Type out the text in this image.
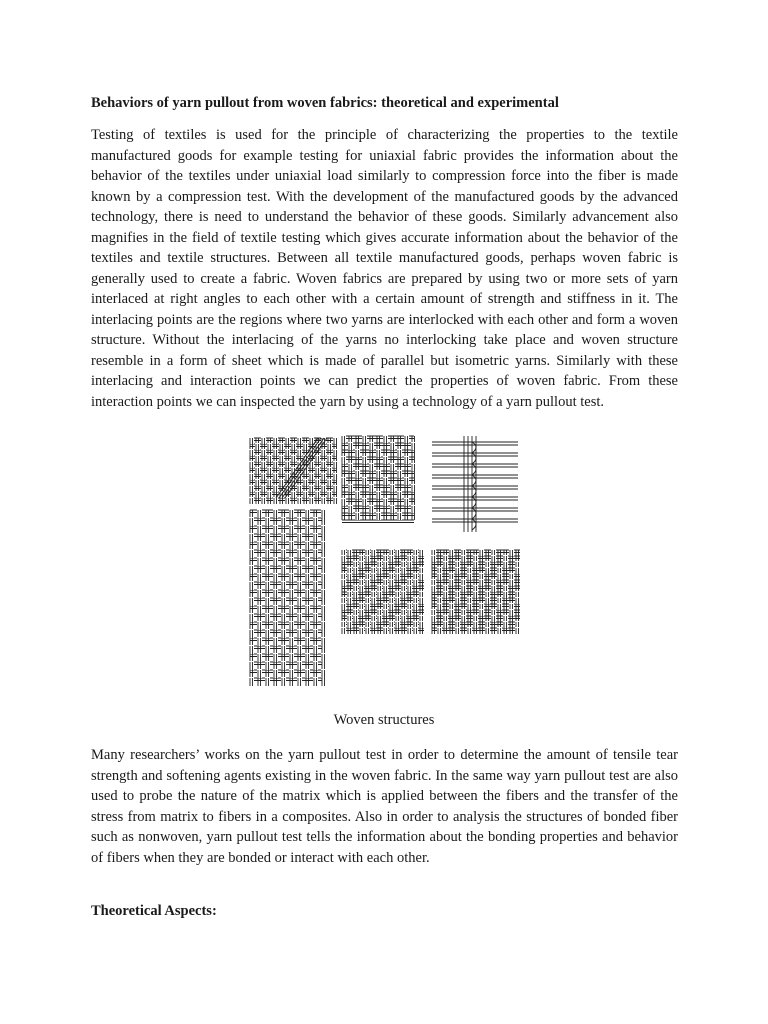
Behaviors of yarn pullout from woven fabrics: theoretical and experimental

Testing of textiles is used for the principle of characterizing the properties to the textile manufactured goods for example testing for uniaxial fabric provides the information about the behavior of the textiles under uniaxial load similarly to compression force into the fiber is made known by a compression test. With the development of the manufactured goods by the advanced technology, there is need to understand the behavior of these goods. Similarly advancement also magnifies in the field of textile testing which gives accurate information about the behavior of the textiles and textile structures. Between all textile manufactured goods, perhaps woven fabric is generally used to create a fabric. Woven fabrics are prepared by using two or more sets of yarn interlaced at right angles to each other with a certain amount of strength and stiffness in it. The interlacing points are the regions where two yarns are interlocked with each other and form a woven structure. Without the interlacing of the yarns no interlocking take place and woven structure resemble in a form of sheet which is made of parallel but isometric yarns. Similarly with these interlacing and interaction points we can predict the properties of woven fabric. From these interaction points we can inspected the yarn by using a technology of a yarn pullout test.

Woven structures

Many researchers’ works on the yarn pullout test in order to determine the amount of tensile tear strength and softening agents existing in the woven fabric. In the same way yarn pullout test are also used to probe the nature of the matrix which is applied between the fibers and the transfer of the stress from matrix to fibers in a composites. Also in order to analysis the structures of bonded fiber such as nonwoven, yarn pullout test tells the information about the bonding properties and behavior of fibers when they are bonded or interact with each other.

Theoretical Aspects:
